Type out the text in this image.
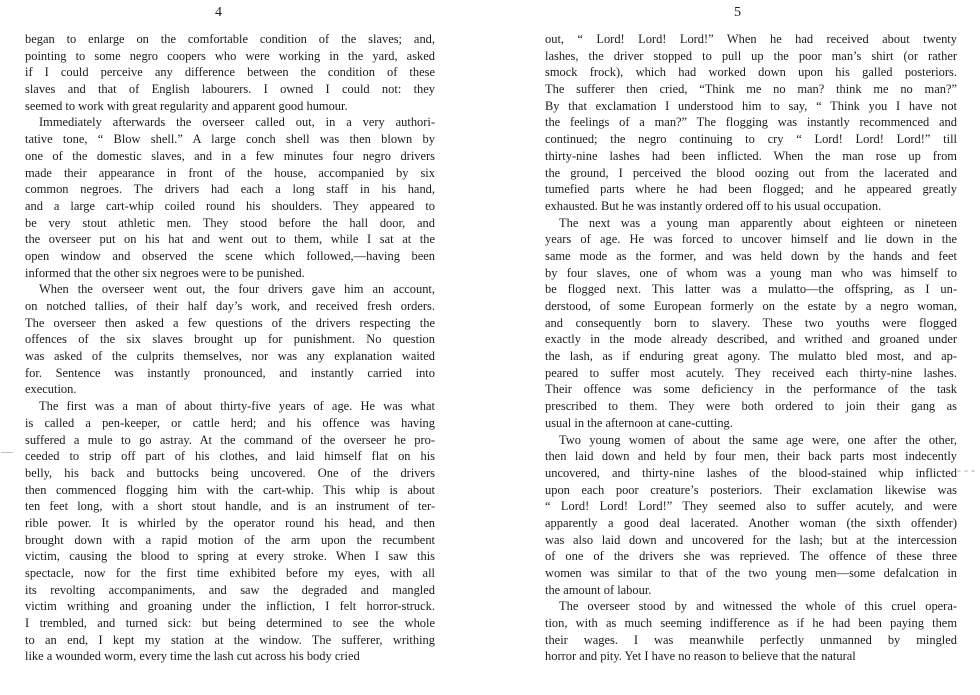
4
began to enlarge on the comfortable condition of the slaves; and,
pointing to some negro coopers who were working in the yard, asked
if I could perceive any difference between the condition of these
slaves and that of English labourers. I owned I could not: they
seemed to work with great regularity and apparent good humour.
Immediately afterwards the overseer called out, in a very authori-
tative tone, “ Blow shell.” A large conch shell was then blown by
one of the domestic slaves, and in a few minutes four negro drivers
made their appearance in front of the house, accompanied by six
common negroes. The drivers had each a long staff in his hand,
and a large cart-whip coiled round his shoulders. They appeared to
be very stout athletic men. They stood before the hall door, and
the overseer put on his hat and went out to them, while I sat at the
open window and observed the scene which followed,—having been
informed that the other six negroes were to be punished.
When the overseer went out, the four drivers gave him an account,
on notched tallies, of their half day’s work, and received fresh orders.
The overseer then asked a few questions of the drivers respecting the
offences of the six slaves brought up for punishment. No question
was asked of the culprits themselves, nor was any explanation waited
for. Sentence was instantly pronounced, and instantly carried into
execution.
The first was a man of about thirty-five years of age. He was what
is called a pen-keeper, or cattle herd; and his offence was having
suffered a mule to go astray. At the command of the overseer he pro-
ceeded to strip off part of his clothes, and laid himself flat on his
belly, his back and buttocks being uncovered. One of the drivers
then commenced flogging him with the cart-whip. This whip is about
ten feet long, with a short stout handle, and is an instrument of ter-
rible power. It is whirled by the operator round his head, and then
brought down with a rapid motion of the arm upon the recumbent
victim, causing the blood to spring at every stroke. When I saw this
spectacle, now for the first time exhibited before my eyes, with all
its revolting accompaniments, and saw the degraded and mangled
victim writhing and groaning under the infliction, I felt horror-struck.
I trembled, and turned sick: but being determined to see the whole
to an end, I kept my station at the window. The sufferer, writhing
like a wounded worm, every time the lash cut across his body cried
—
5
out, “ Lord! Lord! Lord!” When he had received about twenty
lashes, the driver stopped to pull up the poor man’s shirt (or rather
smock frock), which had worked down upon his galled posteriors.
The sufferer then cried, “Think me no man? think me no man?”
By that exclamation I understood him to say, “ Think you I have not
the feelings of a man?” The flogging was instantly recommenced and
continued; the negro continuing to cry “ Lord! Lord! Lord!” till
thirty-nine lashes had been inflicted. When the man rose up from
the ground, I perceived the blood oozing out from the lacerated and
tumefied parts where he had been flogged; and he appeared greatly
exhausted. But he was instantly ordered off to his usual occupation.
The next was a young man apparently about eighteen or nineteen
years of age. He was forced to uncover himself and lie down in the
same mode as the former, and was held down by the hands and feet
by four slaves, one of whom was a young man who was himself to
be flogged next. This latter was a mulatto—the offspring, as I un-
derstood, of some European formerly on the estate by a negro woman,
and consequently born to slavery. These two youths were flogged
exactly in the mode already described, and writhed and groaned under
the lash, as if enduring great agony. The mulatto bled most, and ap-
peared to suffer most acutely. They received each thirty-nine lashes.
Their offence was some deficiency in the performance of the task
prescribed to them. They were both ordered to join their gang as
usual in the afternoon at cane-cutting.
Two young women of about the same age were, one after the other,
then laid down and held by four men, their back parts most indecently
uncovered, and thirty-nine lashes of the blood-stained whip inflicted
upon each poor creature’s posteriors. Their exclamation likewise was
“ Lord! Lord! Lord!” They seemed also to suffer acutely, and were
apparently a good deal lacerated. Another woman (the sixth offender)
was also laid down and uncovered for the lash; but at the intercession
of one of the drivers she was reprieved. The offence of these three
women was similar to that of the two young men—some defalcation in
the amount of labour.
The overseer stood by and witnessed the whole of this cruel opera-
tion, with as much seeming indifference as if he had been paying them
their wages. I was meanwhile perfectly unmanned by mingled
horror and pity. Yet I have no reason to believe that the natural
- - -
